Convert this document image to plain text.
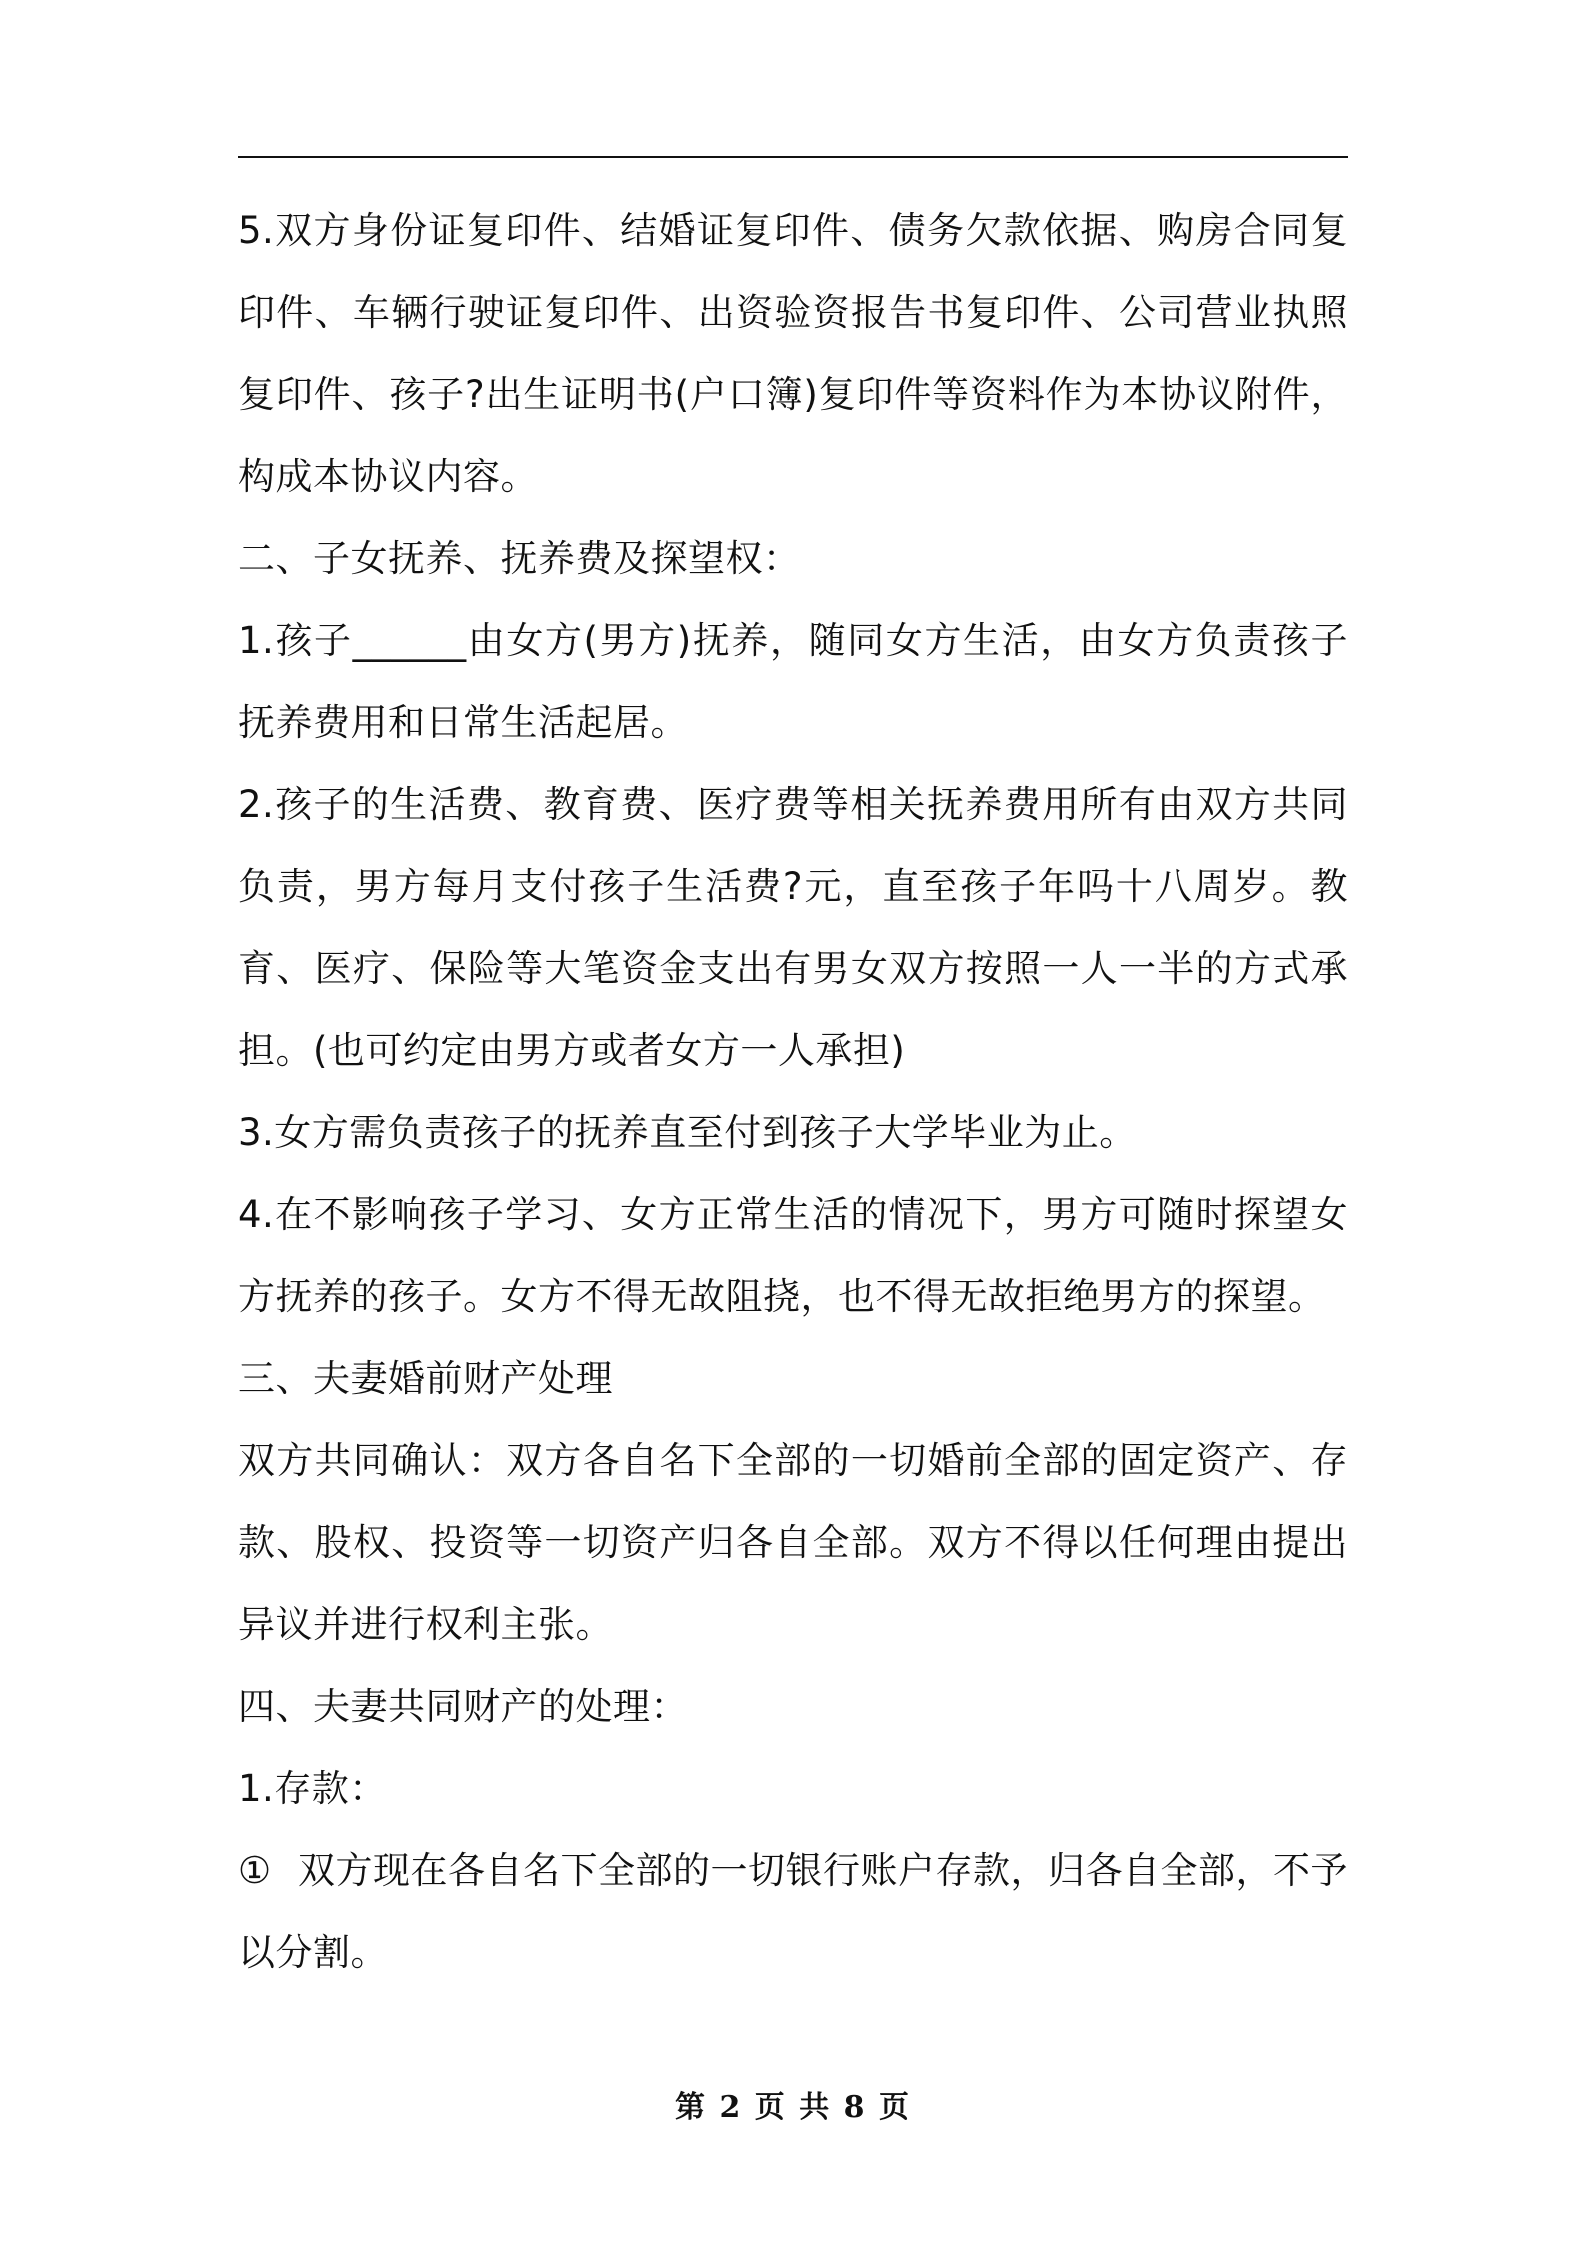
5.双方身份证复印件、结婚证复印件、债务欠款依据、购房合同复印件、车辆行驶证复印件、出资验资报告书复印件、公司营业执照复印件、孩子?出生证明书(户口簿)复印件等资料作为本协议附件，构成本协议内容。

二、子女抚养、抚养费及探望权：

1.孩子______由女方(男方)抚养，随同女方生活，由女方负责孩子抚养费用和日常生活起居。

2.孩子的生活费、教育费、医疗费等相关抚养费用所有由双方共同负责，男方每月支付孩子生活费?元，直至孩子年吗十八周岁。教育、医疗、保险等大笔资金支出有男女双方按照一人一半的方式承担。(也可约定由男方或者女方一人承担)

3.女方需负责孩子的抚养直至付到孩子大学毕业为止。

4.在不影响孩子学习、女方正常生活的情况下，男方可随时探望女方抚养的孩子。女方不得无故阻挠，也不得无故拒绝男方的探望。

三、夫妻婚前财产处理

双方共同确认：双方各自名下全部的一切婚前全部的固定资产、存款、股权、投资等一切资产归各自全部。双方不得以任何理由提出异议并进行权利主张。

四、夫妻共同财产的处理：

1.存款：

① 双方现在各自名下全部的一切银行账户存款，归各自全部，不予以分割。

第 2 页 共 8 页
